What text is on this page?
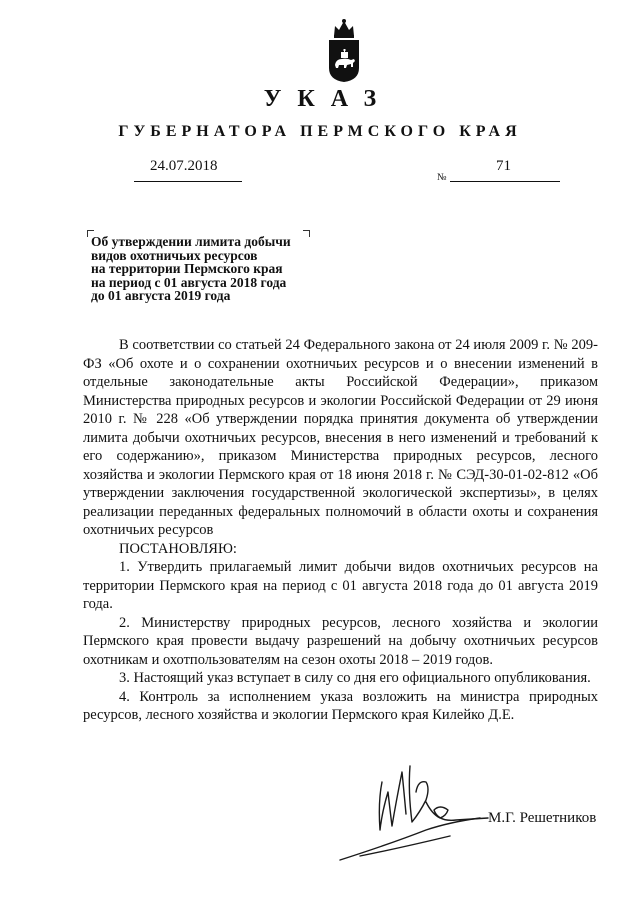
УКАЗ
ГУБЕРНАТОРА ПЕРМСКОГО КРАЯ
24.07.2018
№
71
Об утверждении лимита добычи
видов охотничьих ресурсов
на территории Пермского края
на период с 01 августа 2018 года
до 01 августа 2019 года

В соответствии со статьей 24 Федерального закона от 24 июля 2009 г. № 209-ФЗ «Об охоте и о сохранении охотничьих ресурсов и о внесении изменений в отдельные законодательные акты Российской Федерации», приказом Министерства природных ресурсов и экологии Российской Федерации от 29 июня 2010 г. № 228 «Об утверждении порядка принятия документа об утверждении лимита добычи охотничьих ресурсов, внесения в него изменений и требований к его содержанию», приказом Министерства природных ресурсов, лесного хозяйства и экологии Пермского края от 18 июня 2018 г. № СЭД-30-01-02-812 «Об утверждении заключения государственной экологической экспертизы», в целях реализации переданных федеральных полномочий в области охоты и сохранения охотничьих ресурсов

ПОСТАНОВЛЯЮ:

1. Утвердить прилагаемый лимит добычи видов охотничьих ресурсов на территории Пермского края на период с 01 августа 2018 года до 01 августа 2019 года.

2. Министерству природных ресурсов, лесного хозяйства и экологии Пермского края провести выдачу разрешений на добычу охотничьих ресурсов охотникам и охотпользователям на сезон охоты 2018 – 2019 годов.

3. Настоящий указ вступает в силу со дня его официального опубликования.

4. Контроль за исполнением указа возложить на министра природных ресурсов, лесного хозяйства и экологии Пермского края Килейко Д.Е.

М.Г. Решетников
